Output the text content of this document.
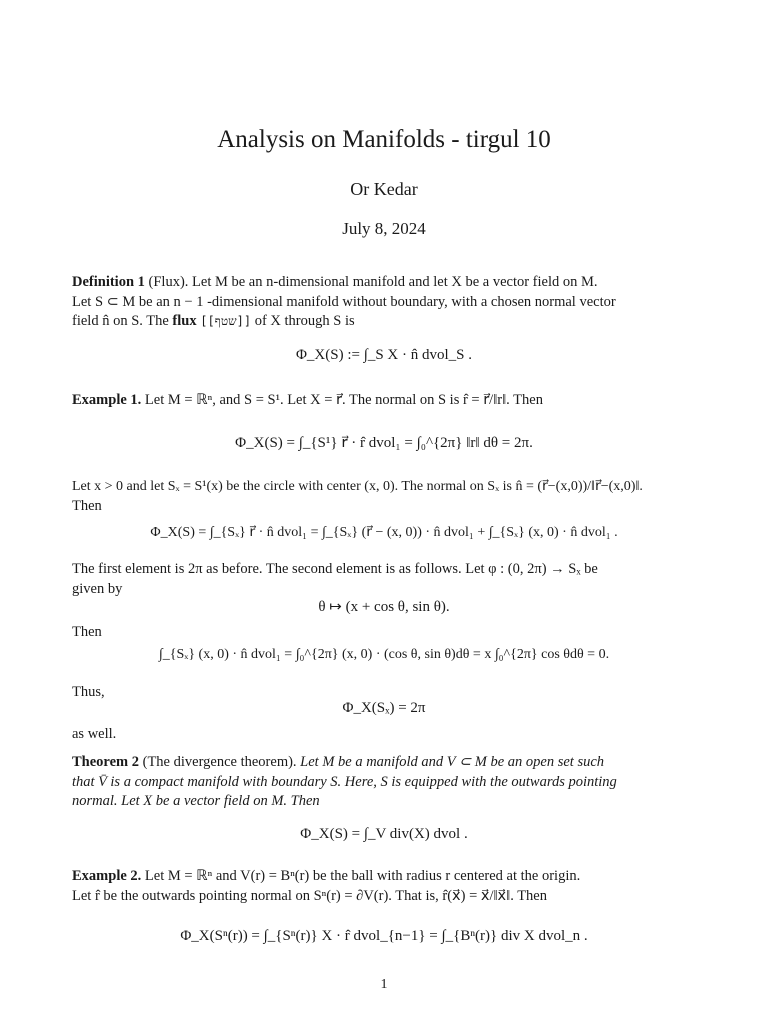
Analysis on Manifolds - tirgul 10
Or Kedar
July 8, 2024
Definition 1 (Flux). Let M be an n-dimensional manifold and let X be a vector field on M.
Let S ⊂ M be an n − 1 -dimensional manifold without boundary, with a chosen normal vector
field n̂ on S. The flux [[שטף]] of X through S is
Φ_X(S) := ∫_S X · n̂ dvol_S .
Example 1. Let M = ℝⁿ, and S = S¹. Let X = r⃗. The normal on S is r̂ = r⃗/‖r‖. Then
Φ_X(S) = ∫_{S¹} r⃗ · r̂ dvol₁ = ∫₀^{2π} ‖r‖ dθ = 2π.
Let x > 0 and let Sₓ = S¹(x) be the circle with center (x, 0). The normal on Sₓ is n̂ = (r⃗−(x,0))/‖r⃗−(x,0)‖.
Then
Φ_X(S) = ∫_{Sₓ} r⃗ · n̂ dvol₁ = ∫_{Sₓ} (r⃗ − (x, 0)) · n̂ dvol₁ + ∫_{Sₓ} (x, 0) · n̂ dvol₁ .
The first element is 2π as before. The second element is as follows. Let φ : (0, 2π) → Sₓ be
given by
θ ↦ (x + cos θ, sin θ).
Then
∫_{Sₓ} (x, 0) · n̂ dvol₁ = ∫₀^{2π} (x, 0) · (cos θ, sin θ)dθ = x ∫₀^{2π} cos θdθ = 0.
Thus,
Φ_X(Sₓ) = 2π
as well.
Theorem 2 (The divergence theorem). Let M be a manifold and V ⊂ M be an open set such
that V̄ is a compact manifold with boundary S. Here, S is equipped with the outwards pointing
normal. Let X be a vector field on M. Then
Φ_X(S) = ∫_V div(X) dvol .
Example 2. Let M = ℝⁿ and V(r) = Bⁿ(r) be the ball with radius r centered at the origin.
Let r̂ be the outwards pointing normal on Sⁿ(r) = ∂V(r). That is, r̂(x⃗) = x⃗/‖x⃗‖. Then
Φ_X(Sⁿ(r)) = ∫_{Sⁿ(r)} X · r̂ dvol_{n−1} = ∫_{Bⁿ(r)} div X dvol_n .
1
